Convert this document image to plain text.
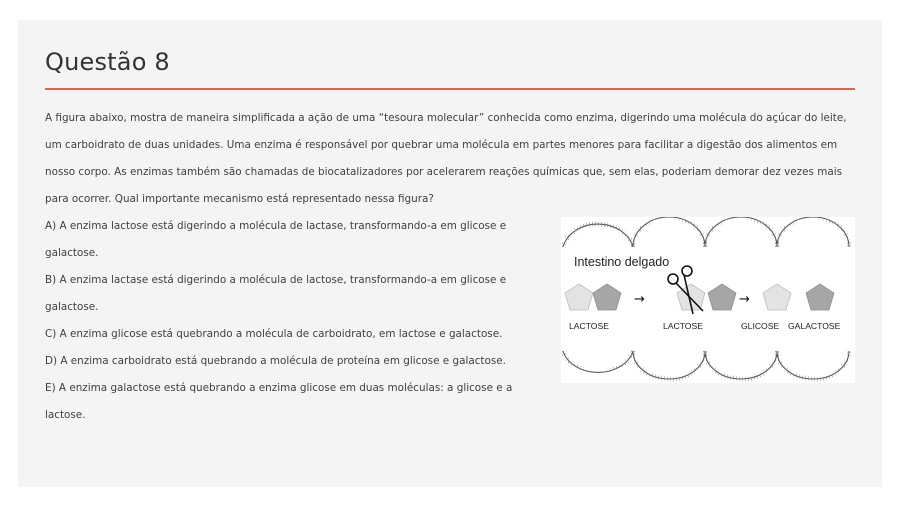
Questão 8

A figura abaixo, mostra de maneira simplificada a ação de uma “tesoura molecular” conhecida como enzima, digerindo uma molécula do açúcar do leite, um carboidrato de duas unidades. Uma enzima é responsável por quebrar uma molécula em partes menores para facilitar a digestão dos alimentos em nosso corpo. As enzimas também são chamadas de biocatalizadores por acelerarem reações químicas que, sem elas, poderiam demorar dez vezes mais para ocorrer. Qual importante mecanismo está representado nessa figura?

A) A enzima lactose está digerindo a molécula de lactase, transformando-a em glicose e galactose.

B) A enzima lactase está digerindo a molécula de lactose, transformando-a em glicose e galactose.

C) A enzima glicose está quebrando a molécula de carboidrato, em lactose e galactose.

D) A enzima carboidrato está quebrando a molécula de proteína em glicose e galactose.

E) A enzima galactose está quebrando a enzima glicose em duas moléculas: a glicose e a lactose.

Intestino delgado
→	→
LACTOSE	LACTOSE	GLICOSE GALACTOSE
